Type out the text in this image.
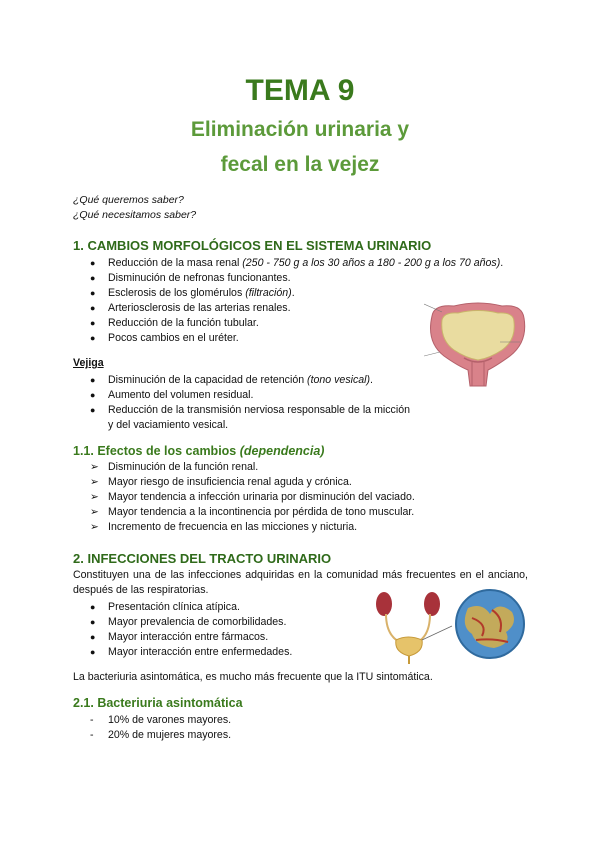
TEMA 9
Eliminación urinaria y
fecal en la vejez
¿Qué queremos saber?
¿Qué necesitamos saber?
1. CAMBIOS MORFOLÓGICOS EN EL SISTEMA URINARIO
● Reducción de la masa renal (250 - 750 g a los 30 años a 180 - 200 g a los 70 años).
● Disminución de nefronas funcionantes.
● Esclerosis de los glomérulos (filtración).
● Arteriosclerosis de las arterias renales.
● Reducción de la función tubular.
● Pocos cambios en el uréter.
Vejiga
● Disminución de la capacidad de retención (tono vesical).
● Aumento del volumen residual.
● Reducción de la transmisión nerviosa responsable de la micción y del vaciamiento vesical.
1.1. Efectos de los cambios (dependencia)
➢ Disminución de la función renal.
➢ Mayor riesgo de insuficiencia renal aguda y crónica.
➢ Mayor tendencia a infección urinaria por disminución del vaciado.
➢ Mayor tendencia a la incontinencia por pérdida de tono muscular.
➢ Incremento de frecuencia en las micciones y nicturia.
2. INFECCIONES DEL TRACTO URINARIO
Constituyen una de las infecciones adquiridas en la comunidad más frecuentes en el anciano, después de las respiratorias.
● Presentación clínica atípica.
● Mayor prevalencia de comorbilidades.
● Mayor interacción entre fármacos.
● Mayor interacción entre enfermedades.
La bacteriuria asintomática, es mucho más frecuente que la ITU sintomática.
2.1. Bacteriuria asintomática
- 10% de varones mayores.
- 20% de mujeres mayores.
